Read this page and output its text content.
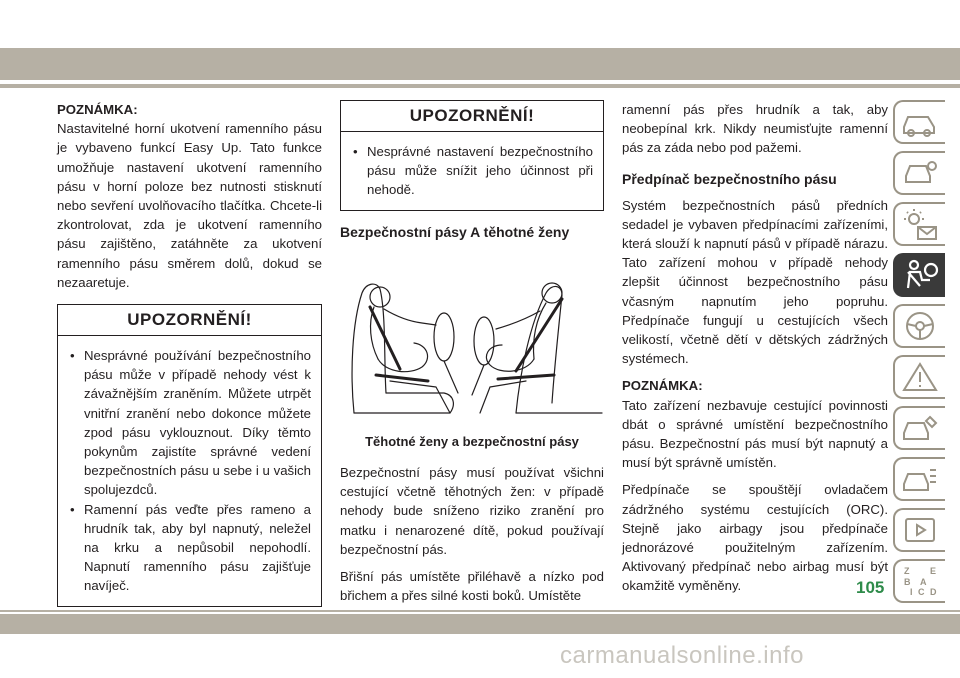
POZNÁMKA:

Nastavitelné horní ukotvení ramenního pásu je vybaveno funkcí Easy Up. Tato funkce umožňuje nastavení ukotvení ramenního pásu v horní poloze bez nutnosti stisknutí nebo sevření uvolňovacího tlačítka. Chcete-li zkontrolovat, zda je ukotvení ramenního pásu zajištěno, zatáhněte za ukotvení ramenního pásu směrem dolů, dokud se nezaaretuje.

UPOZORNĚNÍ!
• Nesprávné používání bezpečnostního pásu může v případě nehody vést k závažnějším zraněním. Můžete utrpět vnitřní zranění nebo dokonce můžete zpod pásu vyklouznout. Díky těmto pokynům zajistíte správné vedení bezpečnostních pásu u sebe i u vašich spolujezdců.
• Ramenní pás veďte přes rameno a hrudník tak, aby byl napnutý, neležel na krku a nepůsobil nepohodlí. Napnutí ramenního pásu zajišťuje navíječ.
UPOZORNĚNÍ!
• Nesprávné nastavení bezpečnostního pásu může snížit jeho účinnost při nehodě.
Bezpečnostní pásy A těhotné ženy
Těhotné ženy a bezpečnostní pásy

Bezpečnostní pásy musí používat všichni cestující včetně těhotných žen: v případě nehody bude sníženo riziko zranění pro matku i nenarozené dítě, pokud používají bezpečnostní pás.

Břišní pás umístěte přiléhavě a nízko pod břichem a přes silné kosti boků. Umístěte

ramenní pás přes hrudník a tak, aby neobepínal krk. Nikdy neumisťujte ramenní pás za záda nebo pod pažemi.

Předpínač bezpečnostního pásu

Systém bezpečnostních pásů předních sedadel je vybaven předpínacími zařízeními, která slouží k napnutí pásů v případě nárazu. Tato zařízení mohou v případě nehody zlepšit účinnost bezpečnostního pásu včasným napnutím jeho popruhu. Předpínače fungují u cestujících všech velikostí, včetně dětí v dětských zádržných systémech.

POZNÁMKA:

Tato zařízení nezbavuje cestující povinnosti dbát o správné umístění bezpečnostního pásu. Bezpečnostní pás musí být napnutý a musí být správně umístěn.

Předpínače se spouštějí ovladačem zádržného systému cestujících (ORC). Stejně jako airbagy jsou předpínače jednorázové použitelným zařízením. Aktivovaný předpínač nebo airbag musí být okamžitě vyměněny.

Z E
B A
I C D
105
carmanualsonline.info
